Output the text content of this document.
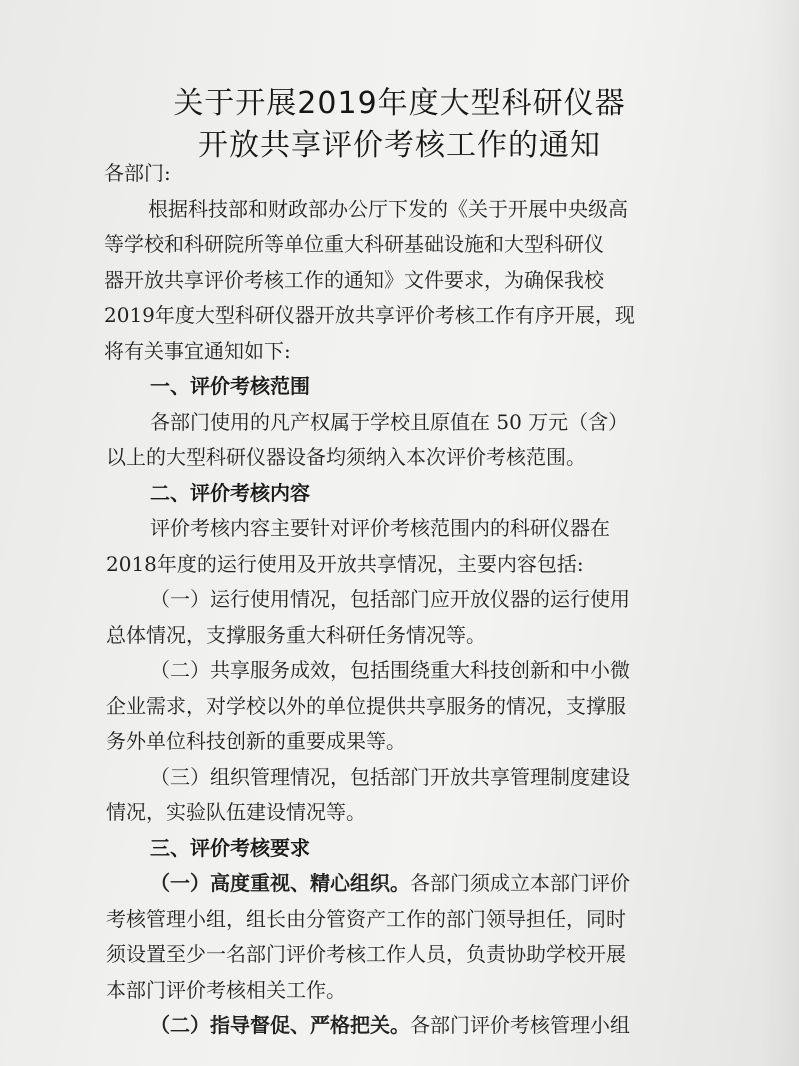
关于开展2019年度大型科研仪器
开放共享评价考核工作的通知
各部门:
根据科技部和财政部办公厅下发的《关于开展中央级高
等学校和科研院所等单位重大科研基础设施和大型科研仪
器开放共享评价考核工作的通知》文件要求，为确保我校
2019年度大型科研仪器开放共享评价考核工作有序开展，现
将有关事宜通知如下:
一、评价考核范围
各部门使用的凡产权属于学校且原值在 50 万元（含）
以上的大型科研仪器设备均须纳入本次评价考核范围。
二、评价考核内容
评价考核内容主要针对评价考核范围内的科研仪器在
2018年度的运行使用及开放共享情况，主要内容包括:
（一）运行使用情况，包括部门应开放仪器的运行使用
总体情况，支撑服务重大科研任务情况等。
（二）共享服务成效，包括围绕重大科技创新和中小微
企业需求，对学校以外的单位提供共享服务的情况，支撑服
务外单位科技创新的重要成果等。
（三）组织管理情况，包括部门开放共享管理制度建设
情况，实验队伍建设情况等。
三、评价考核要求
（一）高度重视、精心组织。各部门须成立本部门评价
考核管理小组，组长由分管资产工作的部门领导担任，同时
须设置至少一名部门评价考核工作人员，负责协助学校开展
本部门评价考核相关工作。
（二）指导督促、严格把关。各部门评价考核管理小组
